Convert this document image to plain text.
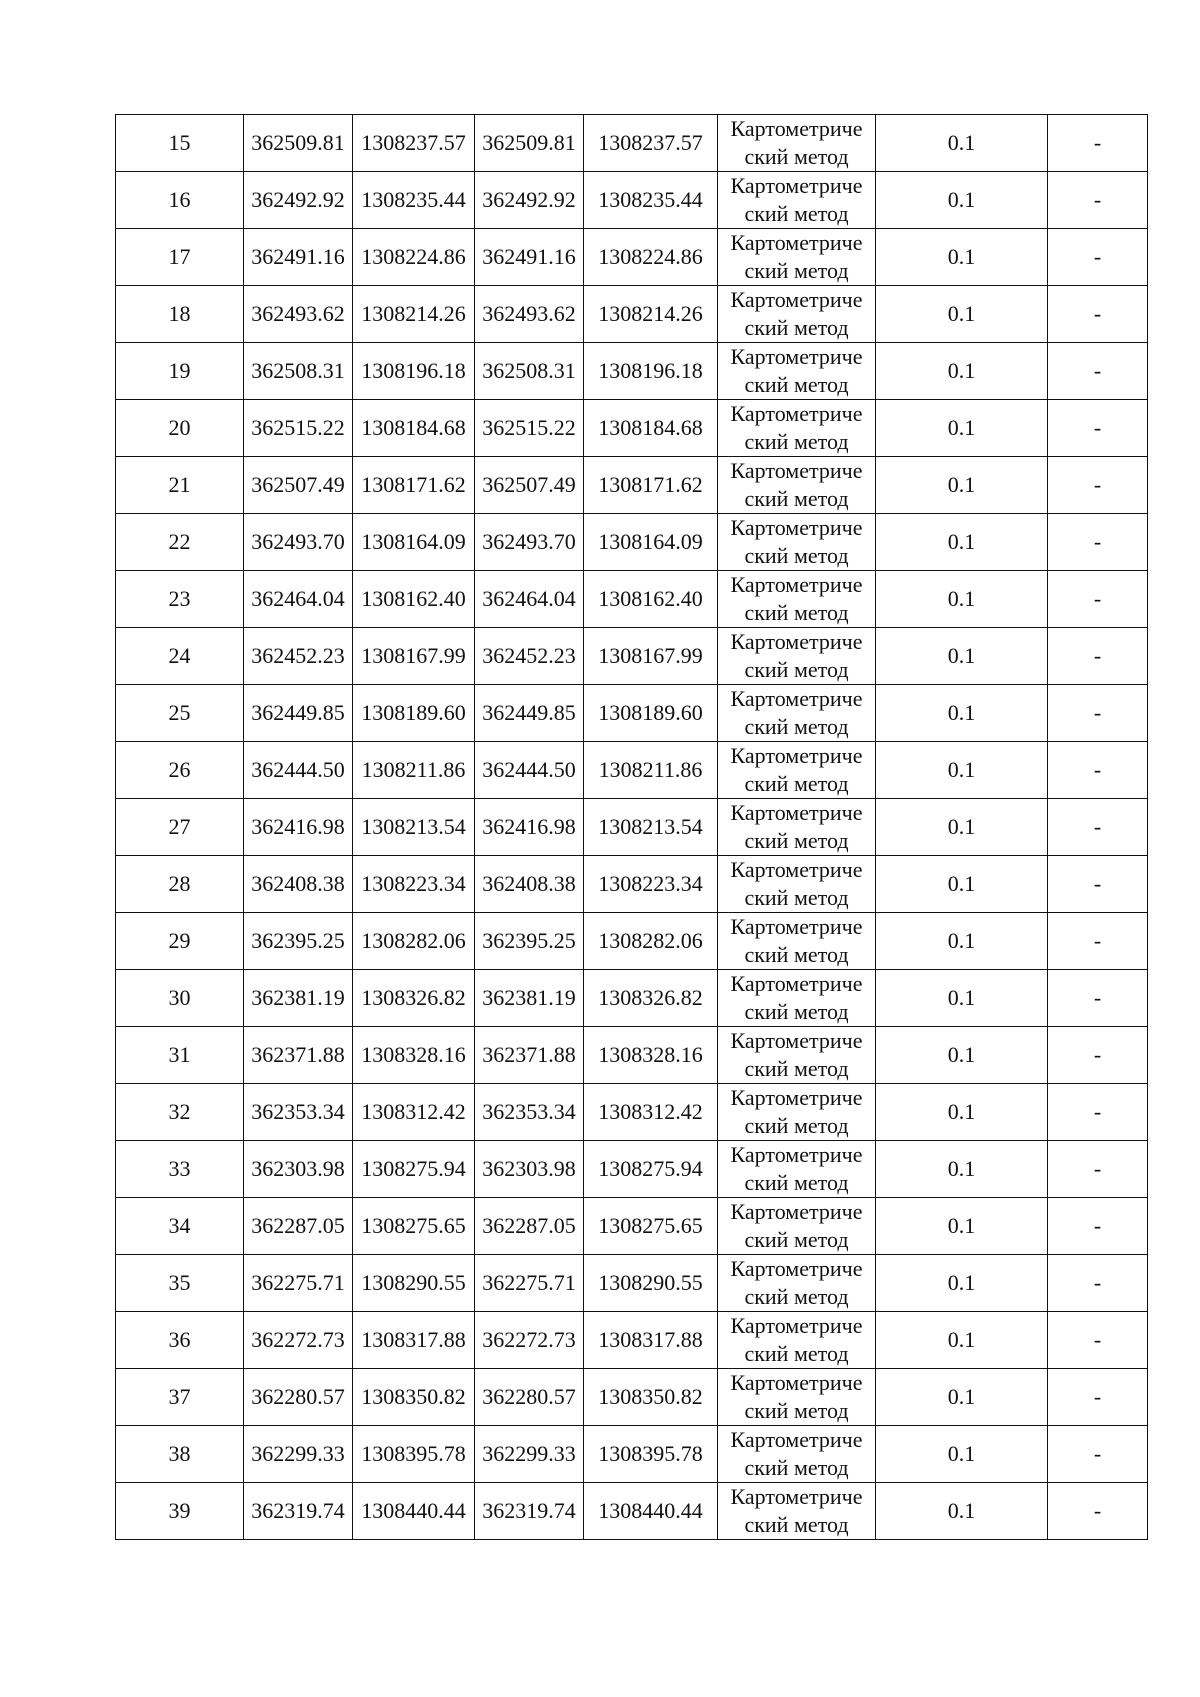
15	362509.81	1308237.57	362509.81	1308237.57	Картометриче
ский метод	0.1	-
16	362492.92	1308235.44	362492.92	1308235.44	Картометриче
ский метод	0.1	-
17	362491.16	1308224.86	362491.16	1308224.86	Картометриче
ский метод	0.1	-
18	362493.62	1308214.26	362493.62	1308214.26	Картометриче
ский метод	0.1	-
19	362508.31	1308196.18	362508.31	1308196.18	Картометриче
ский метод	0.1	-
20	362515.22	1308184.68	362515.22	1308184.68	Картометриче
ский метод	0.1	-
21	362507.49	1308171.62	362507.49	1308171.62	Картометриче
ский метод	0.1	-
22	362493.70	1308164.09	362493.70	1308164.09	Картометриче
ский метод	0.1	-
23	362464.04	1308162.40	362464.04	1308162.40	Картометриче
ский метод	0.1	-
24	362452.23	1308167.99	362452.23	1308167.99	Картометриче
ский метод	0.1	-
25	362449.85	1308189.60	362449.85	1308189.60	Картометриче
ский метод	0.1	-
26	362444.50	1308211.86	362444.50	1308211.86	Картометриче
ский метод	0.1	-
27	362416.98	1308213.54	362416.98	1308213.54	Картометриче
ский метод	0.1	-
28	362408.38	1308223.34	362408.38	1308223.34	Картометриче
ский метод	0.1	-
29	362395.25	1308282.06	362395.25	1308282.06	Картометриче
ский метод	0.1	-
30	362381.19	1308326.82	362381.19	1308326.82	Картометриче
ский метод	0.1	-
31	362371.88	1308328.16	362371.88	1308328.16	Картометриче
ский метод	0.1	-
32	362353.34	1308312.42	362353.34	1308312.42	Картометриче
ский метод	0.1	-
33	362303.98	1308275.94	362303.98	1308275.94	Картометриче
ский метод	0.1	-
34	362287.05	1308275.65	362287.05	1308275.65	Картометриче
ский метод	0.1	-
35	362275.71	1308290.55	362275.71	1308290.55	Картометриче
ский метод	0.1	-
36	362272.73	1308317.88	362272.73	1308317.88	Картометриче
ский метод	0.1	-
37	362280.57	1308350.82	362280.57	1308350.82	Картометриче
ский метод	0.1	-
38	362299.33	1308395.78	362299.33	1308395.78	Картометриче
ский метод	0.1	-
39	362319.74	1308440.44	362319.74	1308440.44	Картометриче
ский метод	0.1	-
